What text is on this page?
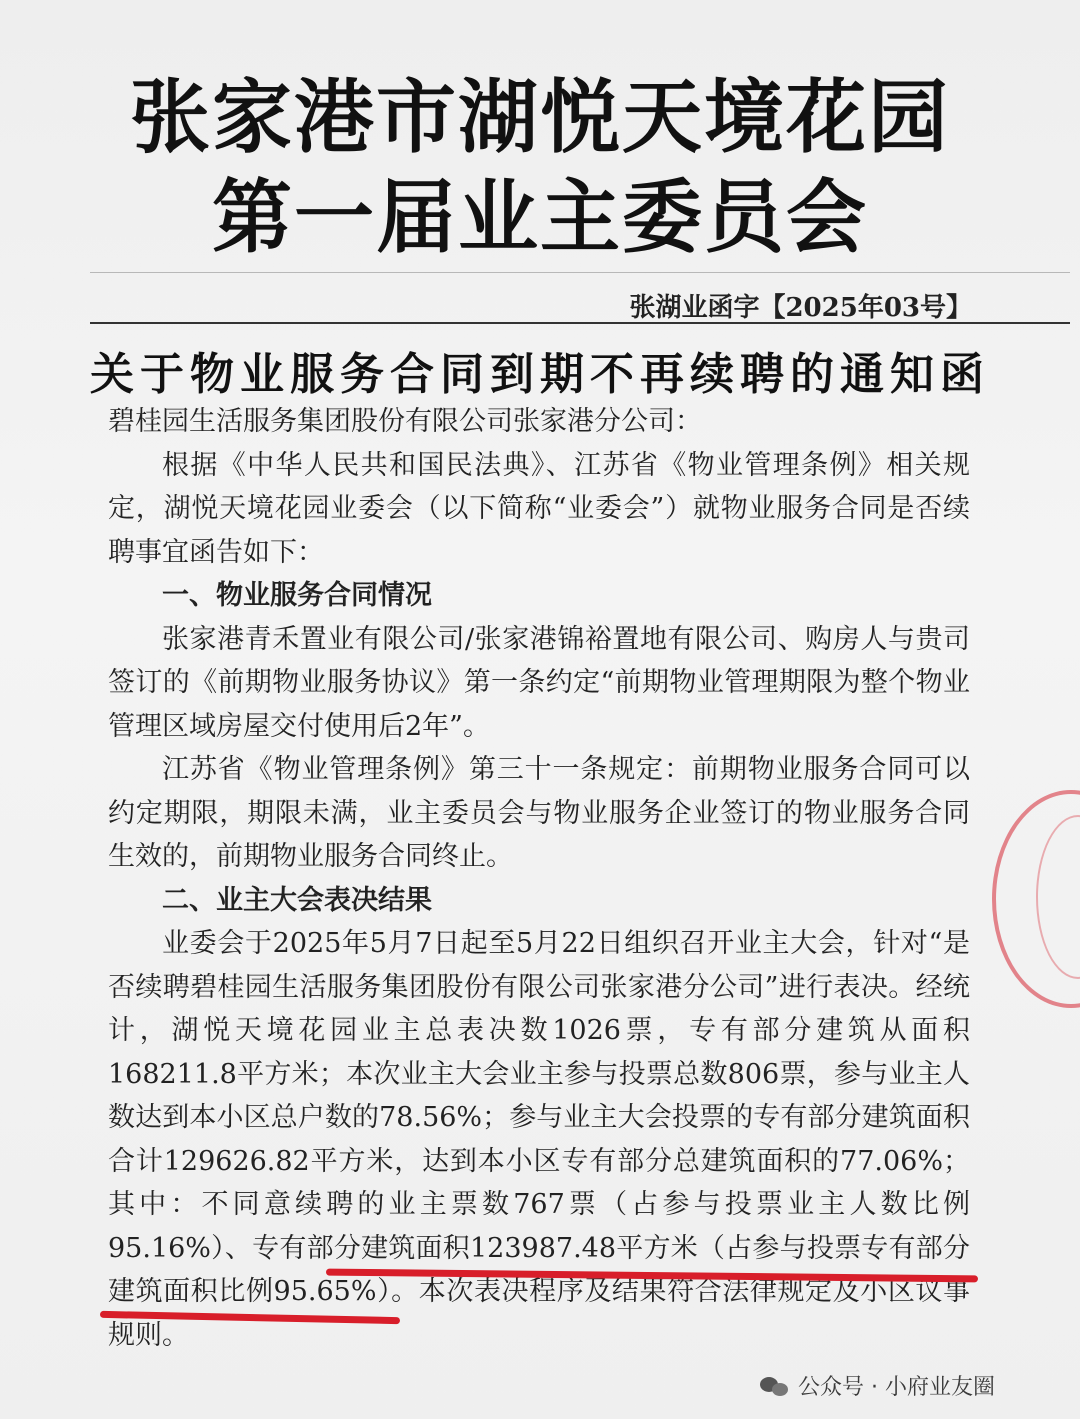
张家港市湖悦天境花园
第一届业主委员会
张湖业函字【2025年03号】
关于物业服务合同到期不再续聘的通知函

碧桂园生活服务集团股份有限公司张家港分公司：

根据《中华人民共和国民法典》、江苏省《物业管理条例》相关规定，湖悦天境花园业委会（以下简称“业委会”）就物业服务合同是否续聘事宜函告如下：

一、物业服务合同情况

张家港青禾置业有限公司/张家港锦裕置地有限公司、购房人与贵司签订的《前期物业服务协议》第一条约定“前期物业管理期限为整个物业管理区域房屋交付使用后2年”。

江苏省《物业管理条例》第三十一条规定：前期物业服务合同可以约定期限，期限未满，业主委员会与物业服务企业签订的物业服务合同生效的，前期物业服务合同终止。

二、业主大会表决结果

业委会于2025年5月7日起至5月22日组织召开业主大会，针对“是否续聘碧桂园生活服务集团股份有限公司张家港分公司”进行表决。经统计，湖悦天境花园业主总表决数1026票，专有部分建筑从面积168211.8平方米；本次业主大会业主参与投票总数806票，参与业主人数达到本小区总户数的78.56%；参与业主大会投票的专有部分建筑面积合计129626.82平方米，达到本小区专有部分总建筑面积的77.06%；其中：不同意续聘的业主票数767票（占参与投票业主人数比例95.16%）、专有部分建筑面积123987.48平方米（占参与投票专有部分建筑面积比例95.65%）。本次表决程序及结果符合法律规定及小区议事规则。

公众号 · 小府业友圈
